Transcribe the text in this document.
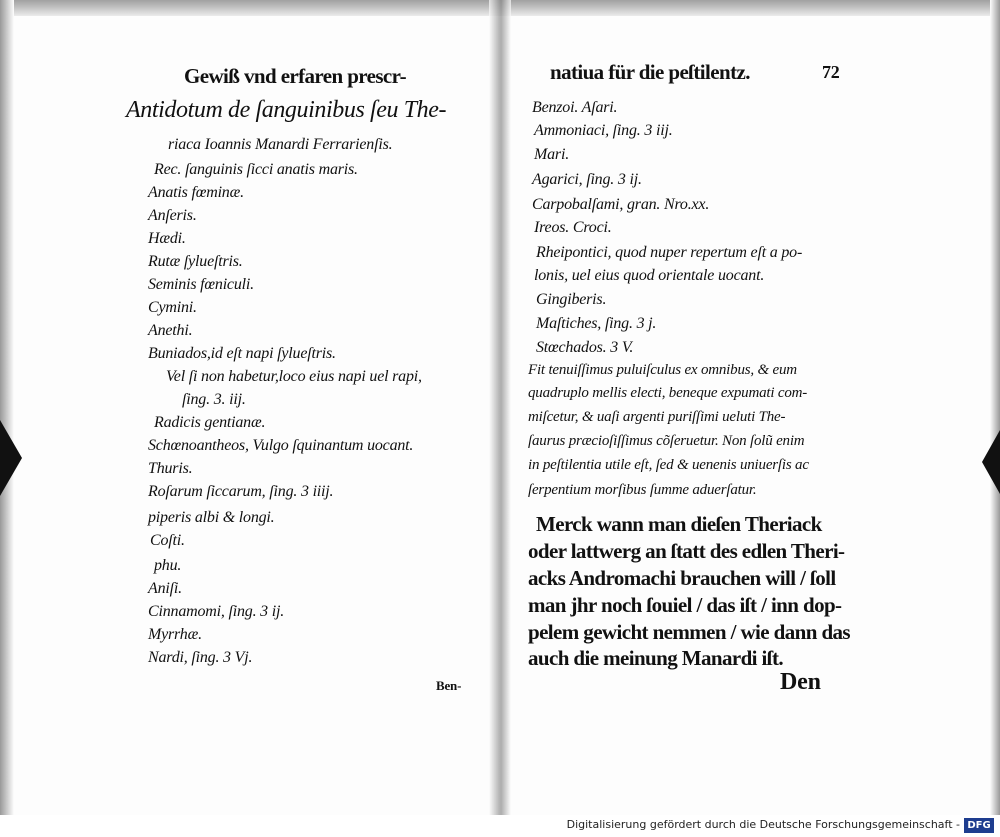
Gewiß vnd erfaren prescr-
Antidotum de ſanguinibus ſeu The-
riaca Ioannis Manardi Ferrarienſis.
Rec. ſanguinis ſicci anatis maris.
Anatis fœminæ.
Anſeris.
Hædi.
Rutæ ſylueſtris.
Seminis fœniculi.
Cymini.
Anethi.
Buniados,id eſt napi ſylueſtris.
Vel ſi non habetur,loco eius napi uel rapi,
ſing. 3. iij.
Radicis gentianæ.
Schœnoantheos, Vulgo ſquinantum uocant.
Thuris.
Roſarum ſiccarum, ſing. 3 iiij.
piperis albi & longi.
Coſti.
phu.
Aniſi.
Cinnamomi, ſing. 3 ij.
Myrrhæ.
Nardi, ſing. 3 Vj.
Ben-
natiua für die peſtilentz.	72
Benzoi. Aſari.
Ammoniaci, ſing. 3 iij.
Mari.
Agarici, ſing. 3 ij.
Carpobalſami, gran. Nro.xx.
Ireos. Croci.
Rheipontici, quod nuper repertum eſt a po-
lonis, uel eius quod orientale uocant.
Gingiberis.
Maſtiches, ſing. 3 j.
Stœchados. 3 V.
Fit tenuiſſimus puluiſculus ex omnibus, & eum
quadruplo mellis electi, beneque expumati com-
miſcetur, & uaſi argenti puriſſimi ueluti The-
ſaurus præcioſiſſimus cõſeruetur. Non ſolũ enim
in peſtilentia utile eſt, ſed & uenenis uniuerſis ac
ſerpentium morſibus ſumme aduerſatur.
Merck wann man dieſen Theriack
oder lattwerg an ſtatt des edlen Theri-
acks Andromachi brauchen will / ſoll
man jhr noch ſouiel / das iſt / inn dop-
pelem gewicht nemmen / wie dann das
auch die meinung Manardi iſt.
Den
Digitalisierung gefördert durch die Deutsche Forschungsgemeinschaft - DFG
